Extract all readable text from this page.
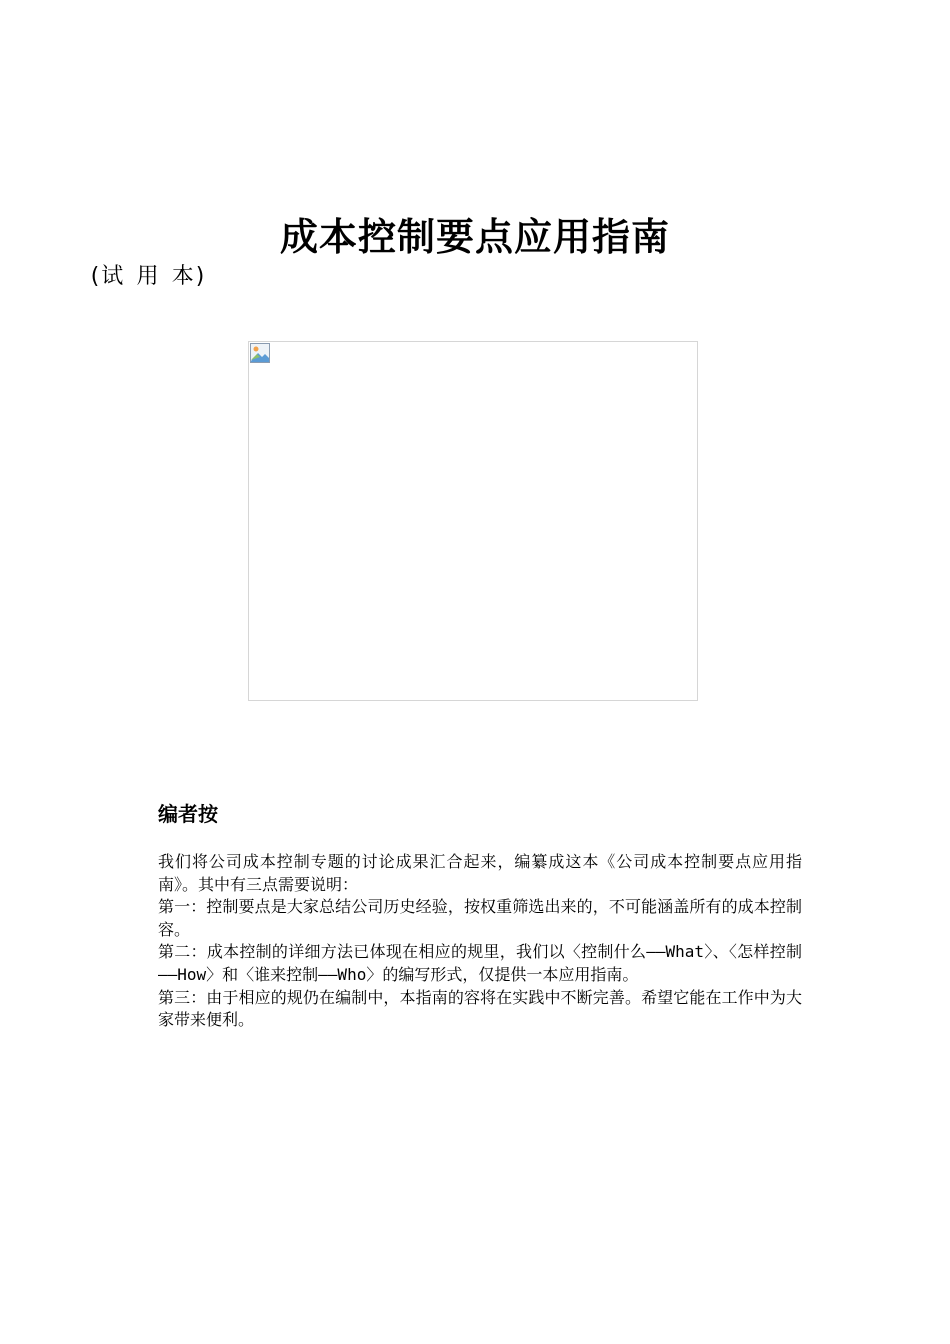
成本控制要点应用指南
(试 用 本)
编者按

我们将公司成本控制专题的讨论成果汇合起来，编纂成这本《公司成本控制要点应用指南》。其中有三点需要说明：

第一：控制要点是大家总结公司历史经验，按权重筛选出来的，不可能涵盖所有的成本控制容。

第二：成本控制的详细方法已体现在相应的规里，我们以〈控制什么——What〉、〈怎样控制——How〉和〈谁来控制——Who〉的编写形式，仅提供一本应用指南。

第三：由于相应的规仍在编制中，本指南的容将在实践中不断完善。希望它能在工作中为大家带来便利。
